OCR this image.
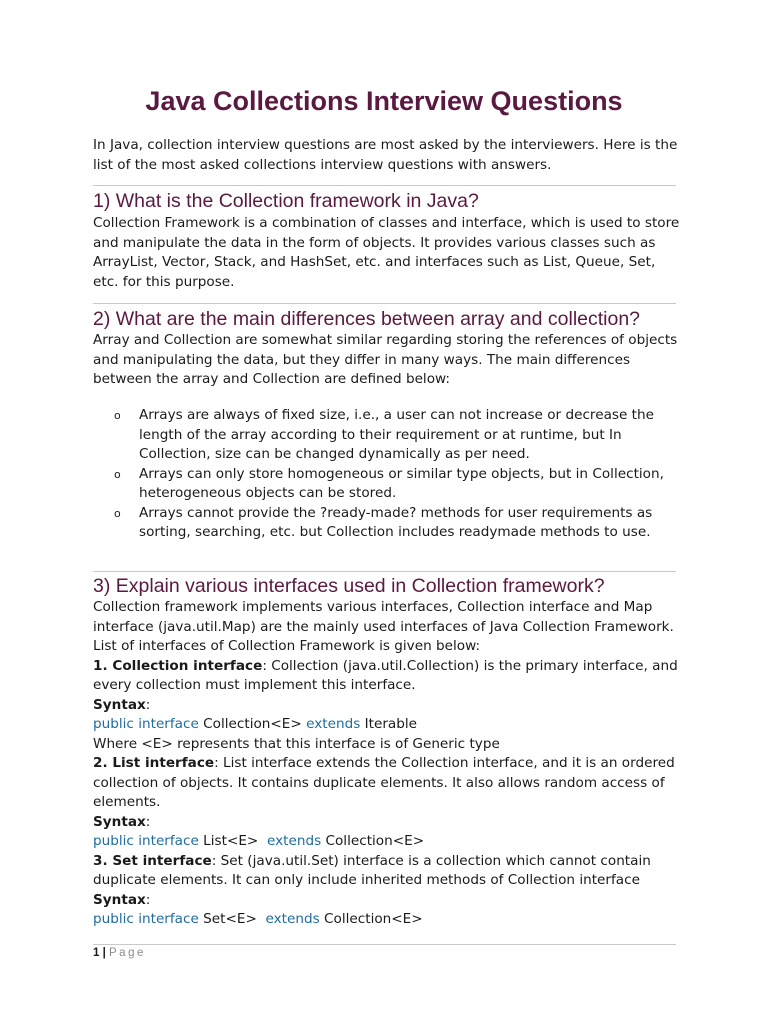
Java Collections Interview Questions

In Java, collection interview questions are most asked by the interviewers. Here is the list of the most asked collections interview questions with answers.

1) What is the Collection framework in Java?

Collection Framework is a combination of classes and interface, which is used to store and manipulate the data in the form of objects. It provides various classes such as ArrayList, Vector, Stack, and HashSet, etc. and interfaces such as List, Queue, Set, etc. for this purpose.

2) What are the main differences between array and collection?

Array and Collection are somewhat similar regarding storing the references of objects and manipulating the data, but they differ in many ways. The main differences between the array and Collection are defined below:

o Arrays are always of fixed size, i.e., a user can not increase or decrease the length of the array according to their requirement or at runtime, but In Collection, size can be changed dynamically as per need.
o Arrays can only store homogeneous or similar type objects, but in Collection, heterogeneous objects can be stored.
o Arrays cannot provide the ?ready-made? methods for user requirements as sorting, searching, etc. but Collection includes readymade methods to use.
3) Explain various interfaces used in Collection framework?

Collection framework implements various interfaces, Collection interface and Map interface (java.util.Map) are the mainly used interfaces of Java Collection Framework. List of interfaces of Collection Framework is given below:

1. Collection interface: Collection (java.util.Collection) is the primary interface, and every collection must implement this interface.

Syntax:

public interface Collection<E> extends Iterable

Where <E> represents that this interface is of Generic type

2. List interface: List interface extends the Collection interface, and it is an ordered collection of objects. It contains duplicate elements. It also allows random access of elements.

Syntax:

public interface List<E>  extends Collection<E>

3. Set interface: Set (java.util.Set) interface is a collection which cannot contain duplicate elements. It can only include inherited methods of Collection interface

Syntax:

public interface Set<E>  extends Collection<E>

1 | Page
